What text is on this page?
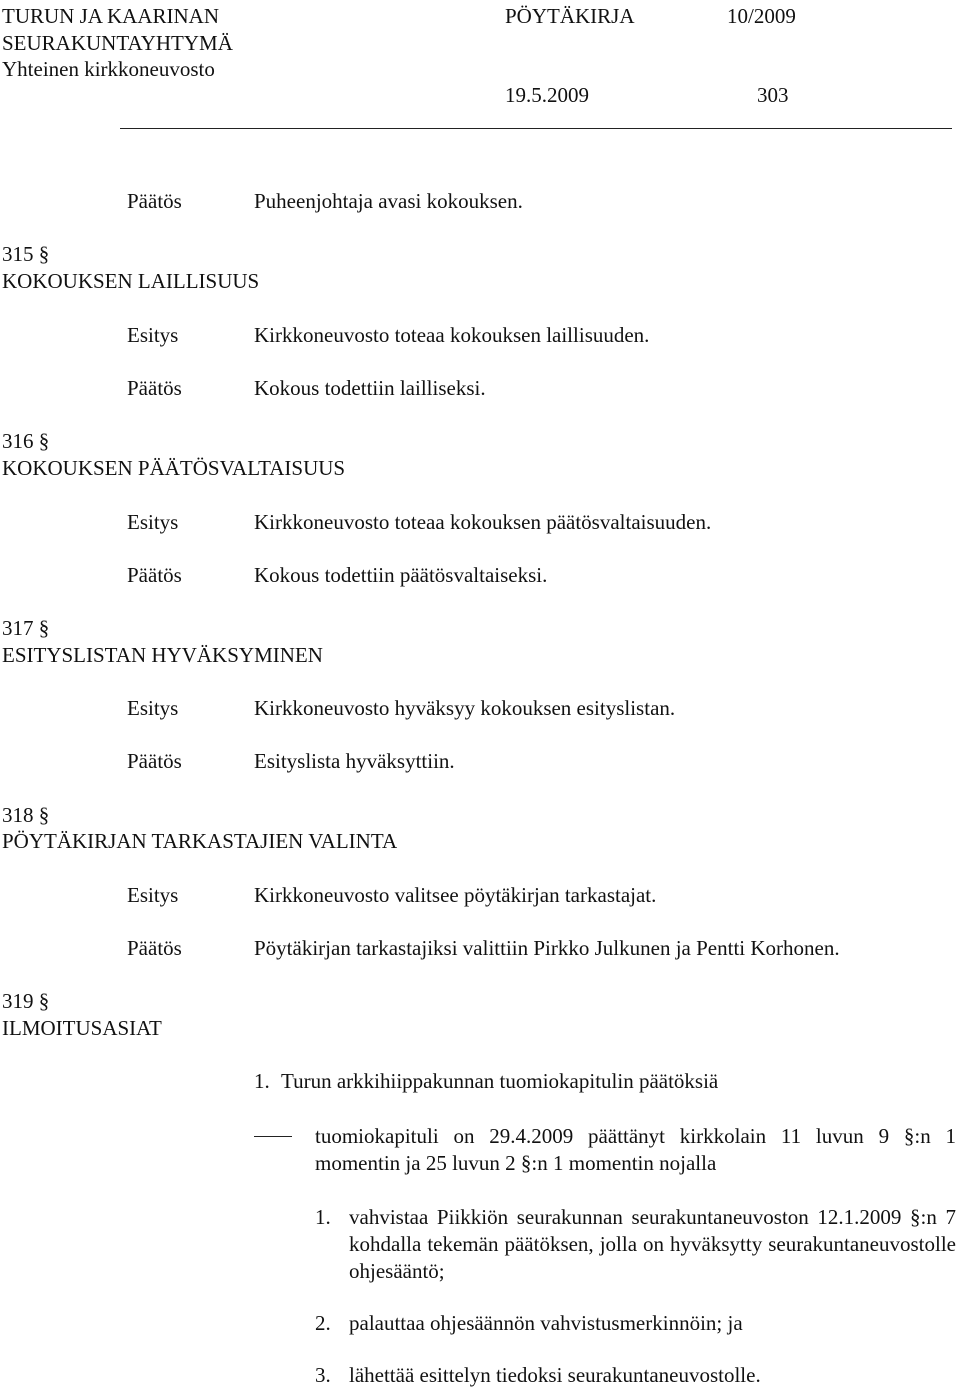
TURUN JA KAARINAN
SEURAKUNTAYHTYMÄ
Yhteinen kirkkoneuvosto
PÖYTÄKIRJA	10/2009
19.5.2009	303
Päätös	Puheenjohtaja avasi kokouksen.
315 §
KOKOUKSEN LAILLISUUS
Esitys	Kirkkoneuvosto toteaa kokouksen laillisuuden.
Päätös	Kokous todettiin lailliseksi.
316 §
KOKOUKSEN PÄÄTÖSVALTAISUUS
Esitys	Kirkkoneuvosto toteaa kokouksen päätösvaltaisuuden.
Päätös	Kokous todettiin päätösvaltaiseksi.
317 §
ESITYSLISTAN HYVÄKSYMINEN
Esitys	Kirkkoneuvosto hyväksyy kokouksen esityslistan.
Päätös	Esityslista hyväksyttiin.
318 §
PÖYTÄKIRJAN TARKASTAJIEN VALINTA
Esitys	Kirkkoneuvosto valitsee pöytäkirjan tarkastajat.
Päätös	Pöytäkirjan tarkastajiksi valittiin Pirkko Julkunen ja Pentti Korhonen.
319 §
ILMOITUSASIAT
1. Turun arkkihiippakunnan tuomiokapitulin päätöksiä
tuomiokapituli on 29.4.2009 päättänyt kirkkolain 11 luvun 9 §:n 1 momentin ja 25 luvun 2 §:n 1 momentin nojalla
1. vahvistaa Piikkiön seurakunnan seurakuntaneuvoston 12.1.2009 §:n 7 kohdalla tekemän päätöksen, jolla on hyväksytty seurakuntaneuvostolle ohjesääntö;
2. palauttaa ohjesäännön vahvistusmerkinnöin; ja
3. lähettää esittelyn tiedoksi seurakuntaneuvostolle.
